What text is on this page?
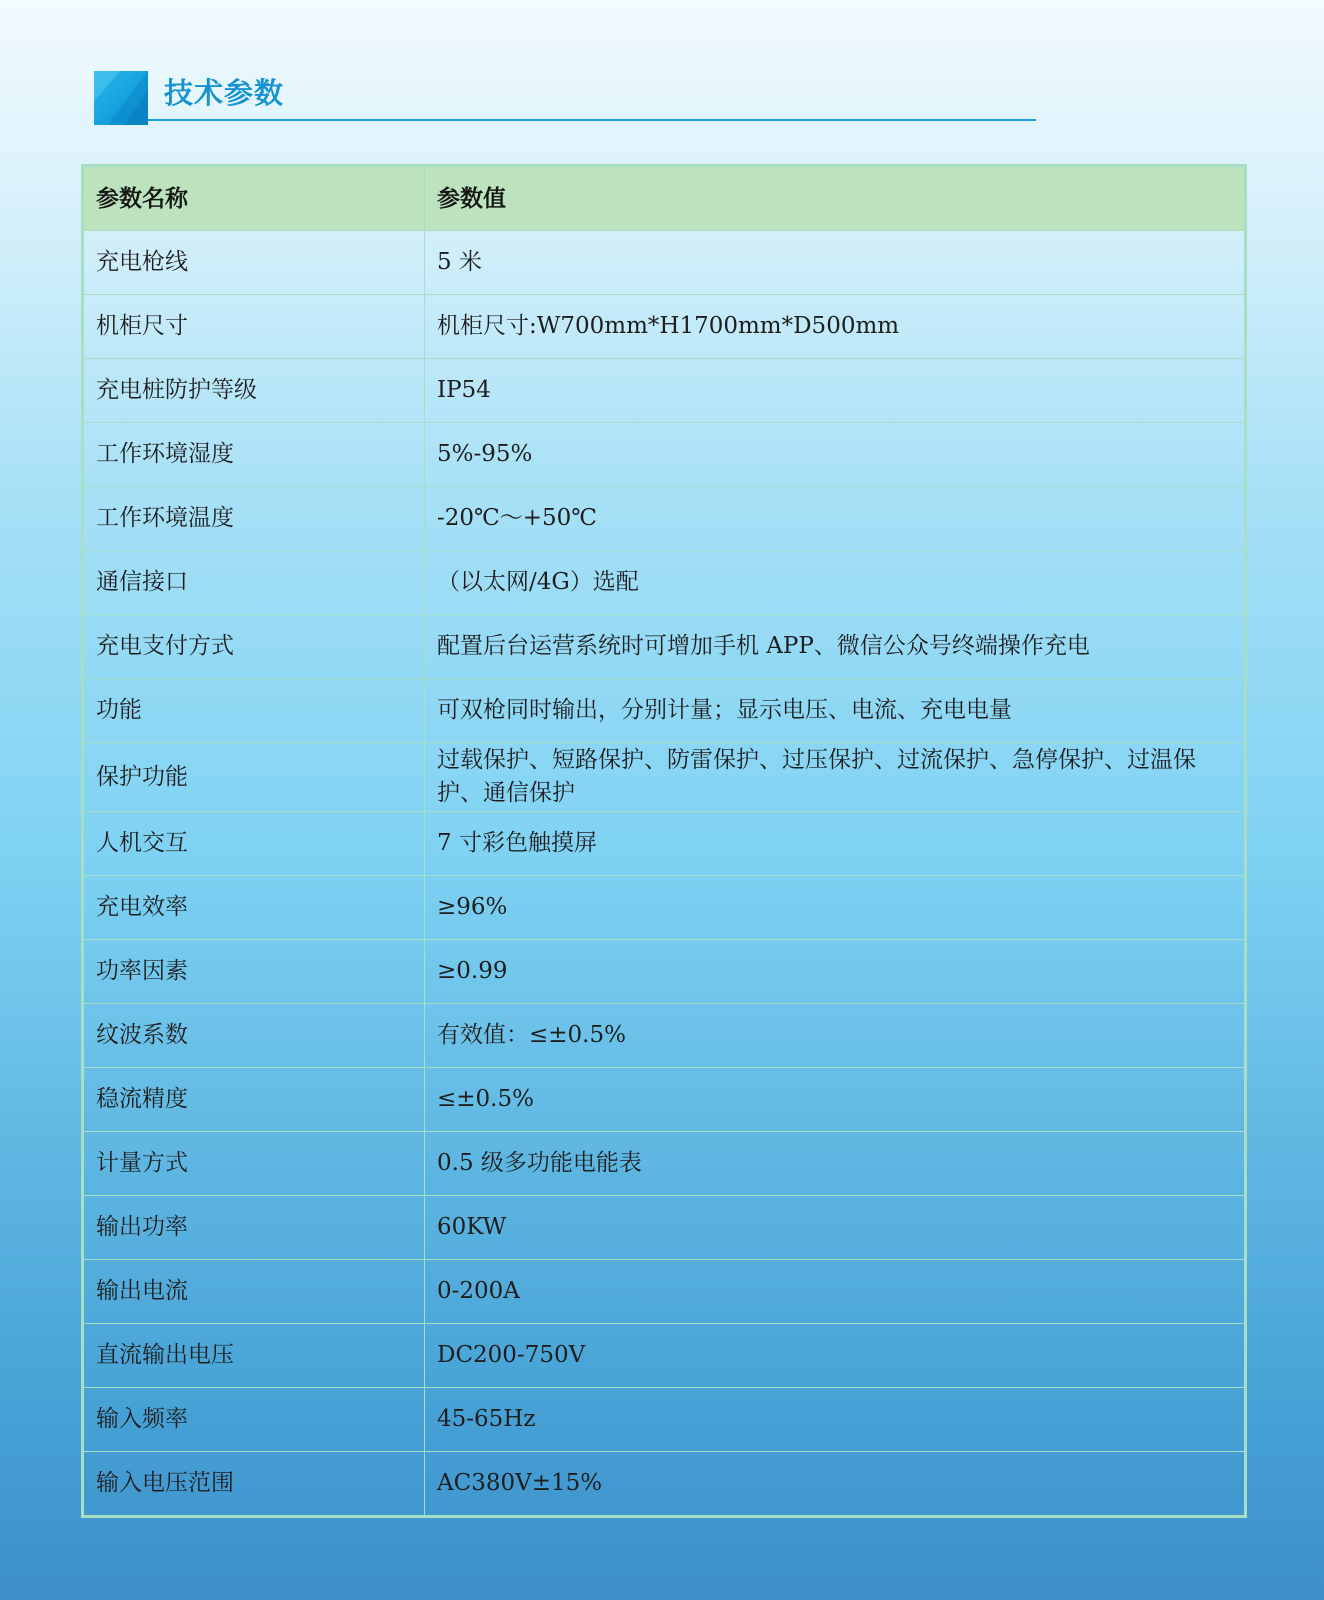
技术参数
参数名称	参数值
充电枪线	5 米
机柜尺寸	机柜尺寸:W700mm*H1700mm*D500mm
充电桩防护等级	IP54
工作环境湿度	5%-95%
工作环境温度	-20℃～+50℃
通信接口	（以太网/4G）选配
充电支付方式	配置后台运营系统时可增加手机 APP、微信公众号终端操作充电
功能	可双枪同时输出，分别计量；显示电压、电流、充电电量
保护功能	过载保护、短路保护、防雷保护、过压保护、过流保护、急停保护、过温保护、通信保护
人机交互	7 寸彩色触摸屏
充电效率	≥96%
功率因素	≥0.99
纹波系数	有效值：≤±0.5%
稳流精度	≤±0.5%
计量方式	0.5 级多功能电能表
输出功率	60KW
输出电流	0-200A
直流输出电压	DC200-750V
输入频率	45-65Hz
输入电压范围	AC380V±15%
